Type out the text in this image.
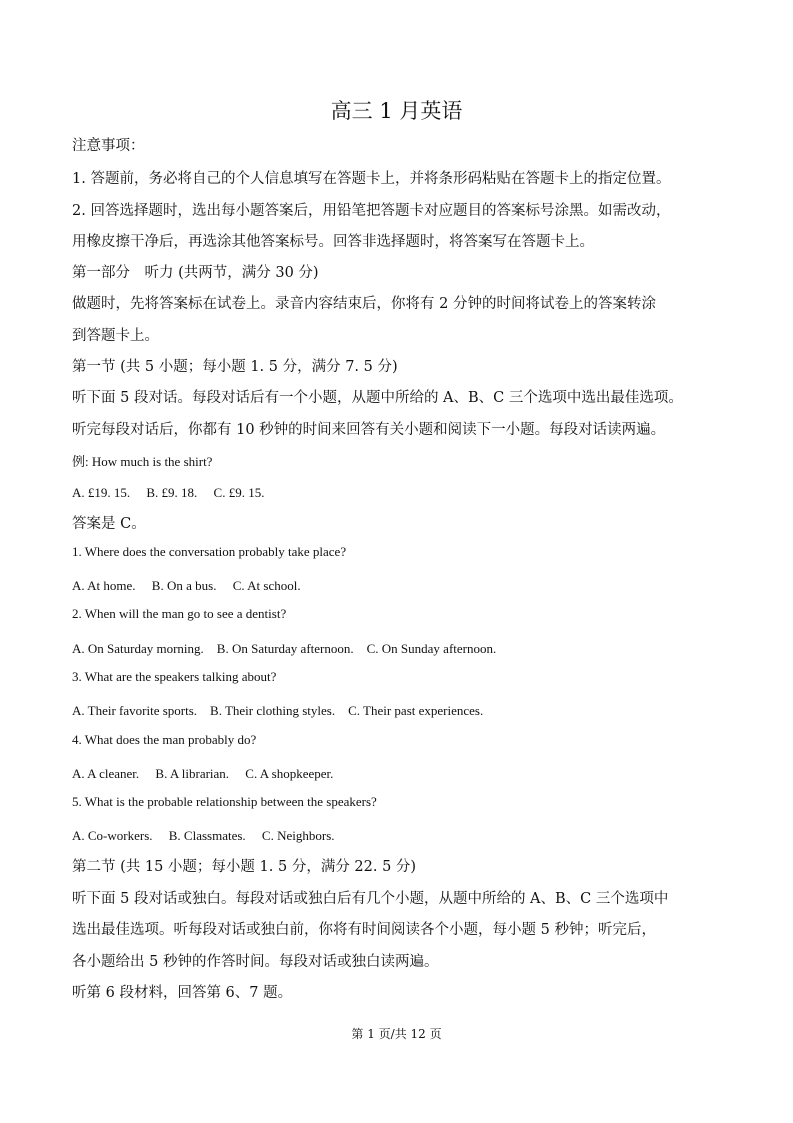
高三 1 月英语
注意事项：
1. 答题前，务必将自己的个人信息填写在答题卡上，并将条形码粘贴在答题卡上的指定位置。
2. 回答选择题时，选出每小题答案后，用铅笔把答题卡对应题目的答案标号涂黑。如需改动，
用橡皮擦干净后，再选涂其他答案标号。回答非选择题时，将答案写在答题卡上。
第一部分　听力 (共两节，满分 30 分)
做题时，先将答案标在试卷上。录音内容结束后，你将有 2 分钟的时间将试卷上的答案转涂
到答题卡上。
第一节 (共 5 小题；每小题 1. 5 分，满分 7. 5 分)
听下面 5 段对话。每段对话后有一个小题，从题中所给的 A、B、C 三个选项中选出最佳选项。
听完每段对话后，你都有 10 秒钟的时间来回答有关小题和阅读下一小题。每段对话读两遍。
例: How much is the shirt?
A. £19. 15.　 B. £9. 18.　 C. £9. 15.
答案是 C。
1. Where does the conversation probably take place?
A. At home.　 B. On a bus.　 C. At school.
2. When will the man go to see a dentist?
A. On Saturday morning.　B. On Saturday afternoon.　C. On Sunday afternoon.
3. What are the speakers talking about?
A. Their favorite sports.　B. Their clothing styles.　C. Their past experiences.
4. What does the man probably do?
A. A cleaner.　 B. A librarian.　 C. A shopkeeper.
5. What is the probable relationship between the speakers?
A. Co-workers.　 B. Classmates.　 C. Neighbors.
第二节 (共 15 小题；每小题 1. 5 分，满分 22. 5 分)
听下面 5 段对话或独白。每段对话或独白后有几个小题，从题中所给的 A、B、C 三个选项中
选出最佳选项。听每段对话或独白前，你将有时间阅读各个小题，每小题 5 秒钟；听完后，
各小题给出 5 秒钟的作答时间。每段对话或独白读两遍。
听第 6 段材料，回答第 6、7 题。
第 1 页/共 12 页
